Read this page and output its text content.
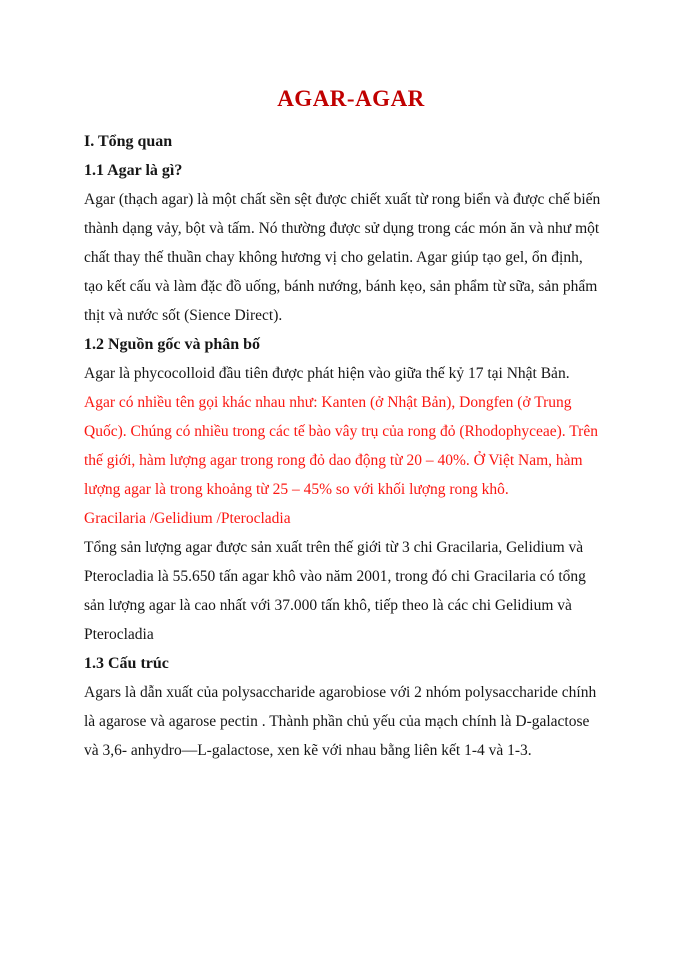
AGAR-AGAR
I. Tổng quan
1.1 Agar là gì?
Agar (thạch agar) là một chất sền sệt được chiết xuất từ rong biển và được chế biến
thành dạng vảy, bột và tấm. Nó thường được sử dụng trong các món ăn và như một
chất thay thế thuần chay không hương vị cho gelatin. Agar giúp tạo gel, ổn định,
tạo kết cấu và làm đặc đồ uống, bánh nướng, bánh kẹo, sản phẩm từ sữa, sản phẩm
thịt và nước sốt (Sience Direct).
1.2 Nguồn gốc và phân bố
Agar là phycocolloid đầu tiên được phát hiện vào giữa thế kỷ 17 tại Nhật Bản.
Agar có nhiều tên gọi khác nhau như: Kanten (ở Nhật Bản), Dongfen (ở Trung
Quốc). Chúng có nhiều trong các tế bào vây trụ của rong đỏ (Rhodophyceae). Trên
thế giới, hàm lượng agar trong rong đỏ dao động từ 20 – 40%. Ở Việt Nam, hàm
lượng agar là trong khoảng từ 25 – 45% so với khối lượng rong khô.
Gracilaria /Gelidium /Pterocladia
Tổng sản lượng agar được sản xuất trên thế giới từ 3 chi Gracilaria, Gelidium và
Pterocladia là 55.650 tấn agar khô vào năm 2001, trong đó chi Gracilaria có tổng
sản lượng agar là cao nhất với 37.000 tấn khô, tiếp theo là các chi Gelidium và
Pterocladia
1.3 Cấu trúc
Agars là dẫn xuất của polysaccharide agarobiose với 2 nhóm polysaccharide chính
là agarose và agarose pectin . Thành phần chủ yếu của mạch chính là D-galactose
và 3,6- anhydro—L-galactose, xen kẽ với nhau bằng liên kết 1-4 và 1-3.
